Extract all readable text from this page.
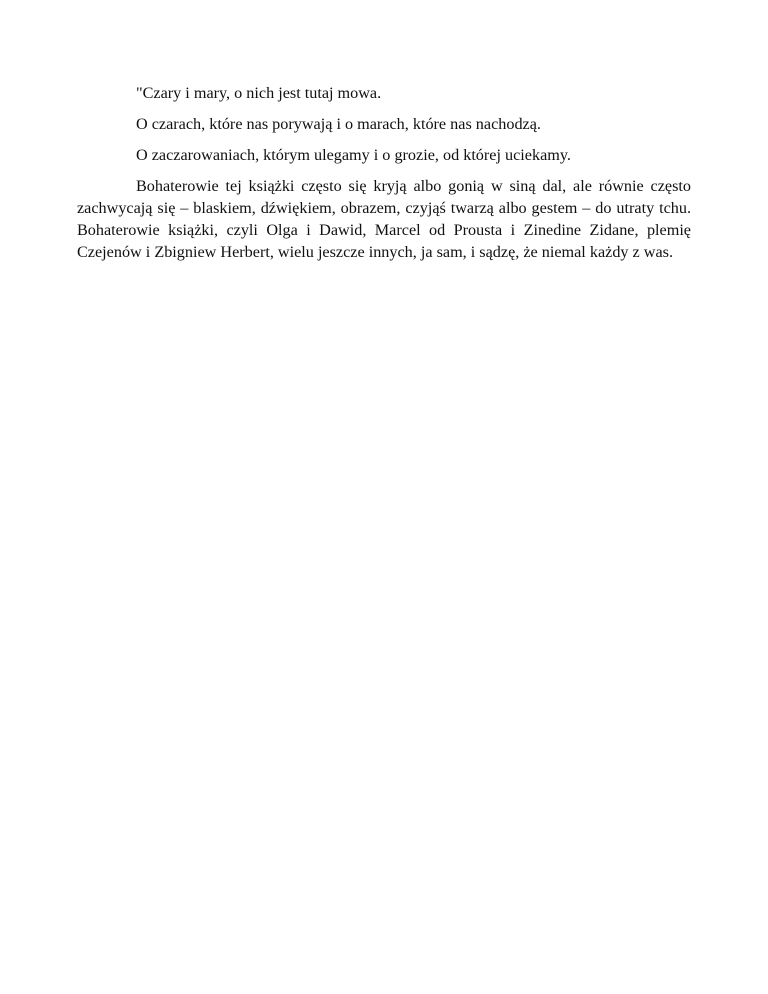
"Czary i mary, o nich jest tutaj mowa.

O czarach, które nas porywają i o marach, które nas nachodzą.

O zaczarowaniach, którym ulegamy i o grozie, od której uciekamy.

Bohaterowie tej książki często się kryją albo gonią w siną dal, ale równie często zachwycają się – blaskiem, dźwiękiem, obrazem, czyjąś twarzą albo gestem – do utraty tchu. Bohaterowie książki, czyli Olga i Dawid, Marcel od Prousta i Zinedine Zidane, plemię Czejenów i Zbigniew Herbert, wielu jeszcze innych, ja sam, i sądzę, że niemal każdy z was.
